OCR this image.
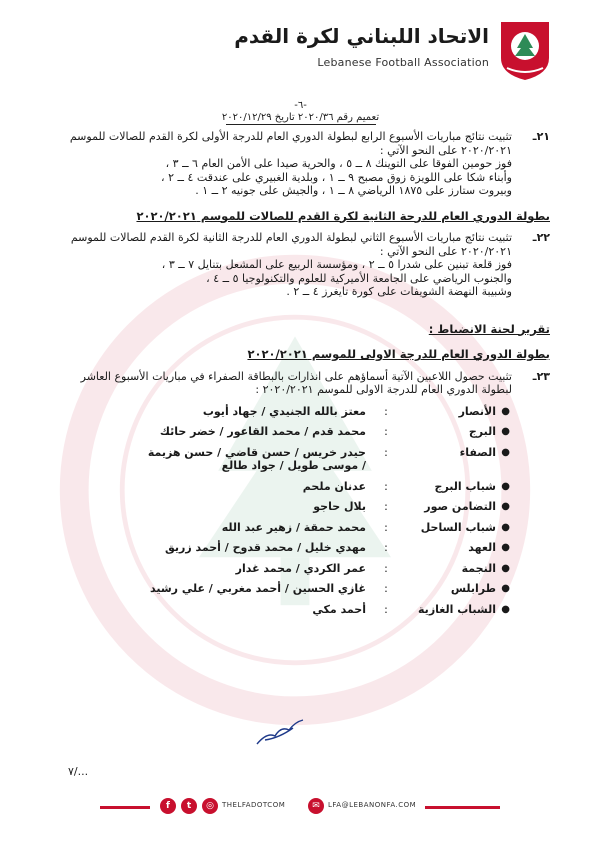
الاتحاد اللبناني لكرة القدم
Lebanese Football Association
-٦-
تعميم رقم ٢٠٢٠/٣٦ تاريخ ٢٠٢٠/١٢/٢٩
٢١ـ

تثبيت نتائج مباريات الأسبوع الرابع لبطولة الدوري العام للدرجة الأولى لكرة القدم للصالات للموسم ٢٠٢٠/٢٠٢١ على النحو الآتي :

فوز حومين الفوقا على التوينك ٨ ــ ٥ ، والحرية صيدا على الأمن العام ٦ ــ ٣ ،

وأبناء شكا على اللويزة زوق مصبح ٩ ــ ١ ، وبلدية الغبيري على عندقت ٤ ــ ٢ ،

وبيروت ستارز على ١٨٧٥ الرياضي ٨ ــ ١ ، والجيش على جونيه ٢ ــ ١ .

بطولة الدوري العام للدرجة الثانية لكرة القدم للصالات للموسم ٢٠٢٠/٢٠٢١
٢٢ـ

تثبيت نتائج مباريات الأسبوع الثاني لبطولة الدوري العام للدرجة الثانية لكرة القدم للصالات للموسم ٢٠٢٠/٢٠٢١ على النحو الآتي :

فوز قلعة تبنين على شدرا ٥ ــ ٢ ، ومؤسسة الربيع على المشعل بتنايل ٧ ــ ٣ ،

والجنوب الرياضي على الجامعة الأميركية للعلوم والتكنولوجيا ٥ ــ ٤ ،

وشبيبة النهضة الشويفات على كورة تايغرز ٤ ــ ٢ .

تقرير لجنة الانضباط :
بطولة الدوري العام للدرجة الاولى للموسم ٢٠٢٠/٢٠٢١
٢٣ـ

تثبيت حصول اللاعبين الآتية أسماؤهم على انذارات بالبطاقة الصفراء في مباريات الأسبوع العاشر لبطولة الدوري العام للدرجة الاولى للموسم ٢٠٢٠/٢٠٢١ :

●
الأنصار
:
معتز بالله الجنيدي / جهاد أيوب
●
البرج
:
محمد قدم / محمد القاعور / خضر حائك
●
الصفاء
:
حيدر خريس / حسن قاضي / حسن هزيمة / موسى طويل / جواد طالع
●
شباب البرج
:
عدنان ملحم
●
التضامن صور
:
بلال حاجو
●
شباب الساحل
:
محمد حمقة / زهير عبد الله
●
العهد
:
مهدي خليل / محمد قدوح / أحمد زريق
●
النجمة
:
عمر الكردي / محمد غدار
●
طرابلس
:
غازي الحسين / أحمد مغربي / علي رشيد
●
الشباب الغازية
:
أحمد مكي
٧/...
f	t	◎	THELFADOTCOM	✉	LFA@LEBANONFA.COM
